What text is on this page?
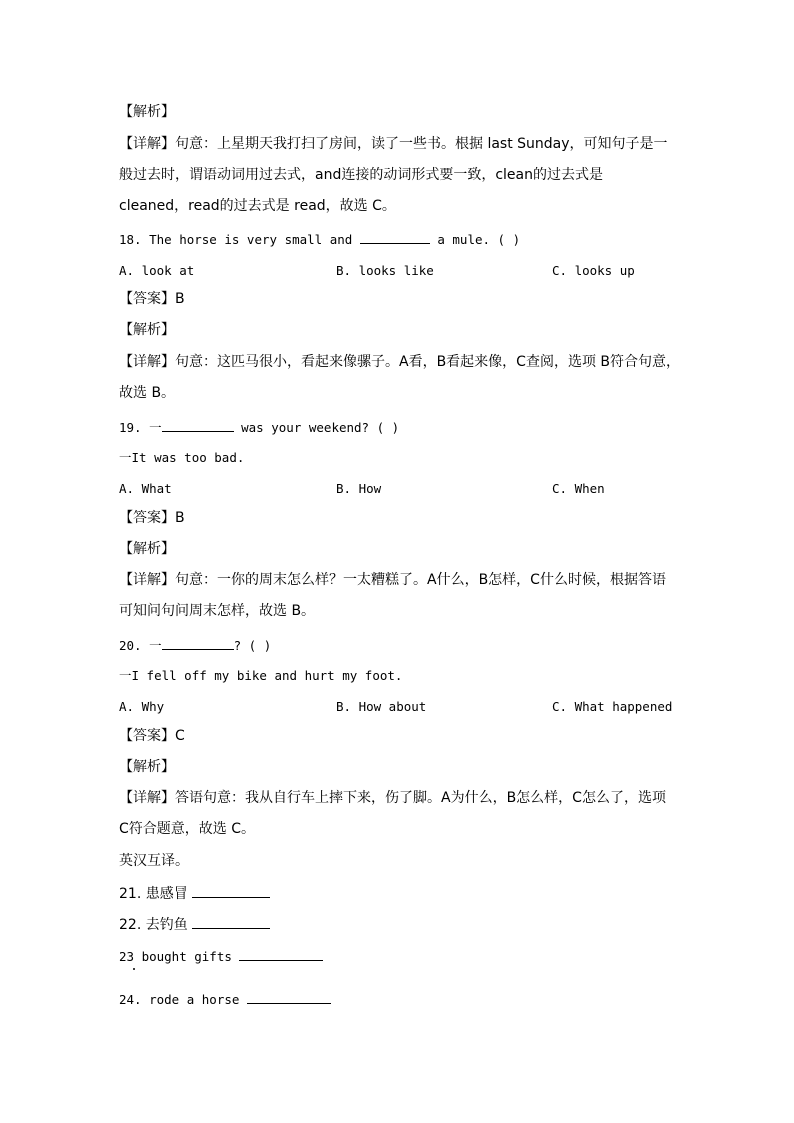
【解析】
【详解】句意：上星期天我打扫了房间，读了一些书。根据 last Sunday，可知句子是一
般过去时，谓语动词用过去式，and连接的动词形式要一致，clean的过去式是
cleaned，read的过去式是 read，故选 C。
18. The horse is very small and	a mule. ( )
A. look at	B. looks like	C. looks up
【答案】B
【解析】
【详解】句意：这匹马很小，看起来像骡子。A看，B看起来像，C查阅，选项 B符合句意，
故选 B。
19. 一	was your weekend? ( )
一It was too bad.
A. What	B. How	C. When
【答案】B
【解析】
【详解】句意：一你的周末怎么样？一太糟糕了。A什么，B怎样，C什么时候，根据答语
可知问句问周末怎样，故选 B。
20. 一	? ( )
一I fell off my bike and hurt my foot.
A. Why	B. How about	C. What happened
【答案】C
【解析】
【详解】答语句意：我从自行车上摔下来，伤了脚。A为什么，B怎么样，C怎么了，选项
C符合题意，故选 C。
英汉互译。
21. 患感冒
22. 去钓鱼
23 bought gifts
24. rode a horse
